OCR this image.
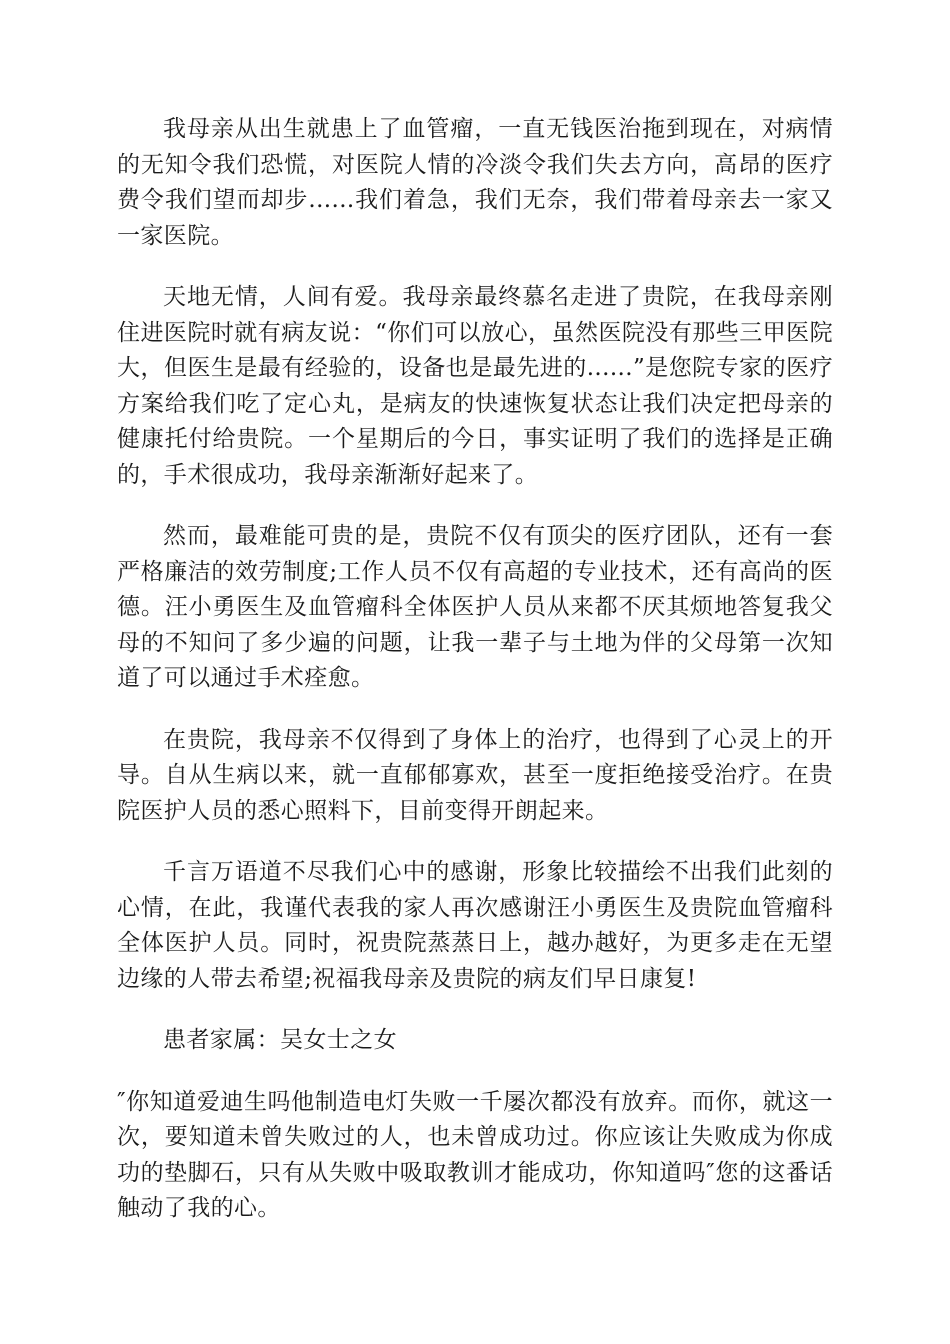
我母亲从出生就患上了血管瘤，一直无钱医治拖到现在，对病情的无知令我们恐慌，对医院人情的冷淡令我们失去方向，高昂的医疗费令我们望而却步......我们着急，我们无奈，我们带着母亲去一家又一家医院。

天地无情，人间有爱。我母亲最终慕名走进了贵院，在我母亲刚住进医院时就有病友说：“你们可以放心，虽然医院没有那些三甲医院大，但医生是最有经验的，设备也是最先进的......”是您院专家的医疗方案给我们吃了定心丸，是病友的快速恢复状态让我们决定把母亲的健康托付给贵院。一个星期后的今日，事实证明了我们的选择是正确的，手术很成功，我母亲渐渐好起来了。

然而，最难能可贵的是，贵院不仅有顶尖的医疗团队，还有一套严格廉洁的效劳制度;工作人员不仅有高超的专业技术，还有高尚的医德。汪小勇医生及血管瘤科全体医护人员从来都不厌其烦地答复我父母的不知问了多少遍的问题，让我一辈子与土地为伴的父母第一次知道了可以通过手术痊愈。

在贵院，我母亲不仅得到了身体上的治疗，也得到了心灵上的开导。自从生病以来，就一直郁郁寡欢，甚至一度拒绝接受治疗。在贵院医护人员的悉心照料下，目前变得开朗起来。

千言万语道不尽我们心中的感谢，形象比较描绘不出我们此刻的心情，在此，我谨代表我的家人再次感谢汪小勇医生及贵院血管瘤科全体医护人员。同时，祝贵院蒸蒸日上，越办越好，为更多走在无望边缘的人带去希望;祝福我母亲及贵院的病友们早日康复!

患者家属：吴女士之女

″你知道爱迪生吗他制造电灯失败一千屡次都没有放弃。而你，就这一次，要知道未曾失败过的人，也未曾成功过。你应该让失败成为你成功的垫脚石，只有从失败中吸取教训才能成功，你知道吗″您的这番话触动了我的心。
